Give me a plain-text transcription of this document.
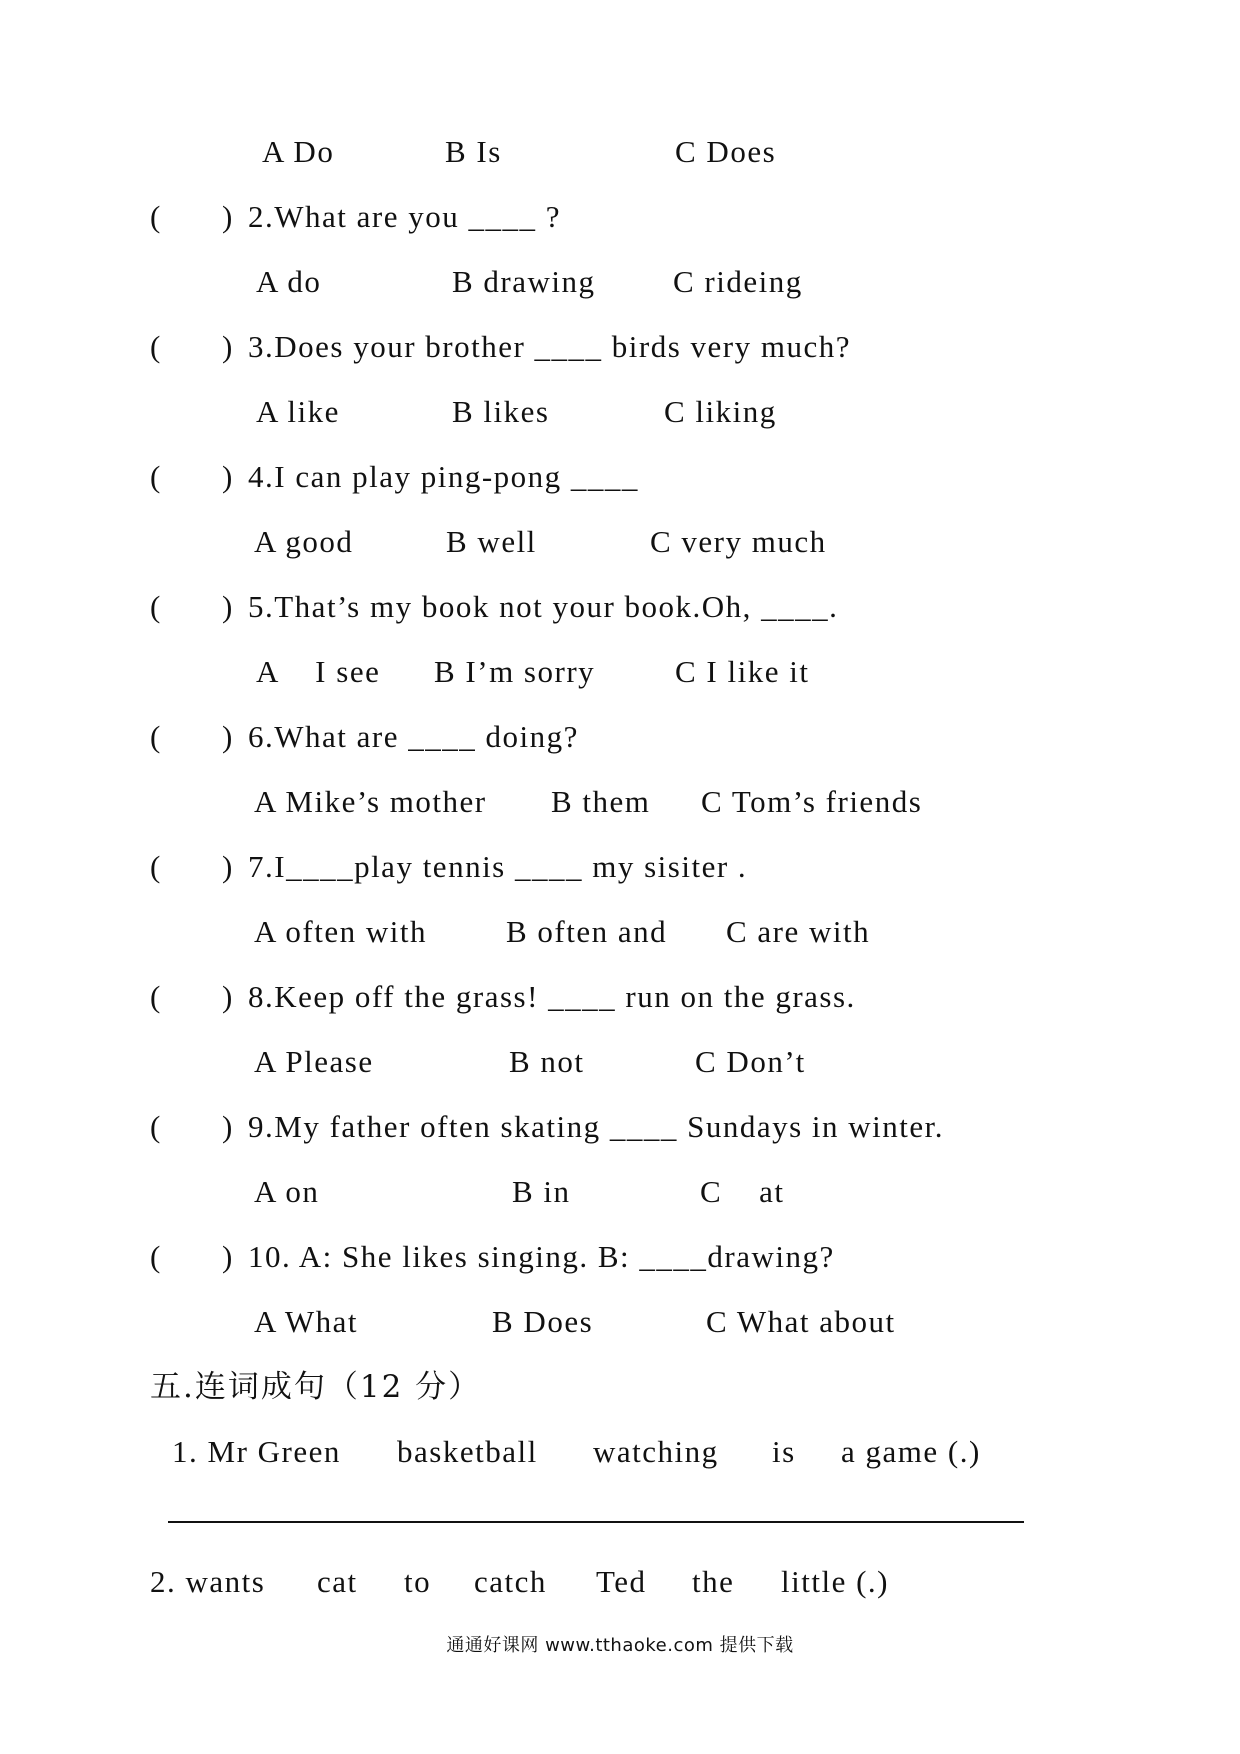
A Do	B Is	C Does
( ) 2.What are you ____ ?
A do	B drawing C rideing
( ) 3.Does your brother ____ birds very much?
A like	B likes	C liking
( ) 4.I can play ping-pong ____
A good	B well	C very much
( ) 5.That’s my book not your book.Oh, ____.
A    I see B I’m sorry	C I like it
( ) 6.What are ____ doing?
A Mike’s mother B them C Tom’s friends
( ) 7.I____play tennis ____ my sisiter .
A often with	B often and C are with
( ) 8.Keep off the grass! ____ run on the grass.
A Please	B not	C Don’t
( ) 9.My father often skating ____ Sundays in winter.
A on	B in	C    at
( ) 10. A: She likes singing. B: ____drawing?
A What	B Does	C What about
五.连词成句（12 分）
1. Mr Green basketball watching is a game (.)
2. wants cat to catch Ted the little (.)
通通好课网 www.tthaoke.com 提供下载
